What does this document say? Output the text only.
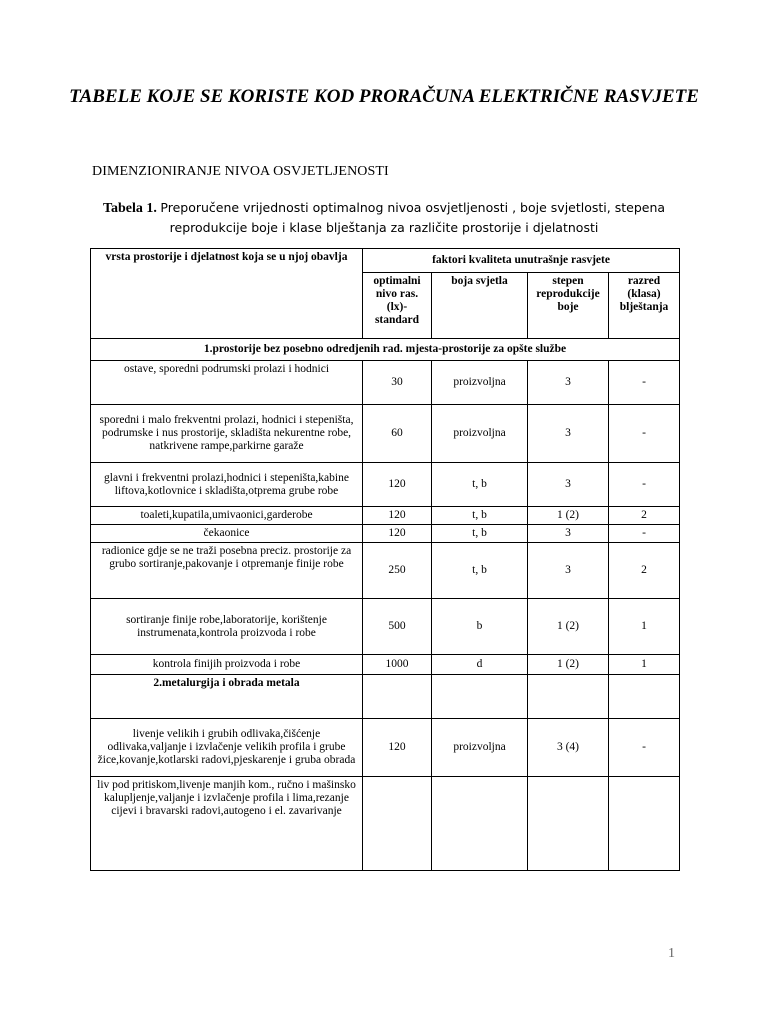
TABELE KOJE SE KORISTE KOD PRORAČUNA ELEKTRIČNE RASVJETE
DIMENZIONIRANJE NIVOA OSVJETLJENOSTI
Tabela 1. Preporučene vrijednosti optimalnog nivoa osvjetljenosti , boje svjetlosti, stepena
reprodukcije boje i klase blještanja za različite prostorije i djelatnosti
vrsta prostorije i djelatnost koja se u njoj obavlja	faktori kvaliteta unutrašnje rasvjete			
	optimalni nivo ras. (lx)-standard	boja svjetla	stepen reprodukcije boje	razred (klasa) blještanja
1.prostorije bez posebno odredjenih rad. mjesta-prostorije za opšte službe				
ostave, sporedni podrumski prolazi i hodnici	30	proizvoljna	3	-
sporedni i malo frekventni prolazi, hodnici i stepeništa, podrumske i nus prostorije, skladišta nekurentne robe, natkrivene rampe,parkirne garaže	60	proizvoljna	3	-
glavni i frekventni prolazi,hodnici i stepeništa,kabine liftova,kotlovnice i skladišta,otprema grube robe	120	t, b	3	-
toaleti,kupatila,umivaonici,garderobe	120	t, b	1 (2)	2
čekaonice	120	t, b	3	-
radionice gdje se ne traži posebna preciz. prostorije za grubo sortiranje,pakovanje i otpremanje finije robe	250	t, b	3	2
sortiranje finije robe,laboratorije, korištenje instrumenata,kontrola proizvoda i robe	500	b	1 (2)	1
kontrola finijih proizvoda i robe	1000	d	1 (2)	1
2.metalurgija i obrada metala				
livenje velikih i grubih odlivaka,čišćenje odlivaka,valjanje i izvlačenje velikih profila i grube žice,kovanje,kotlarski radovi,pjeskarenje i gruba obrada	120	proizvoljna	3 (4)	-
liv pod pritiskom,livenje manjih kom., ručno i mašinsko kalupljenje,valjanje i izvlačenje profila i lima,rezanje cijevi i bravarski radovi,autogeno i el. zavarivanje				
1
